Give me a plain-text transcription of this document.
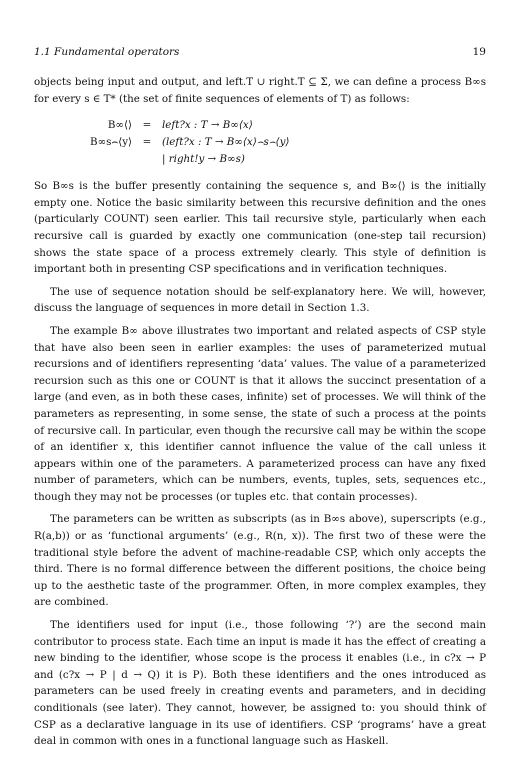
1.1 Fundamental operators	19

objects being input and output, and left.T ∪ right.T ⊆ Σ, we can define a process B∞s for every s ∈ T* (the set of finite sequences of elements of T) as follows:

B∞⟨⟩	=	left?x : T → B∞⟨x⟩
B∞s⌢⟨y⟩	=	(left?x : T → B∞⟨x⟩⌢s⌢⟨y⟩
| right!y → B∞s)

So B∞s is the buffer presently containing the sequence s, and B∞⟨⟩ is the initially empty one. Notice the basic similarity between this recursive definition and the ones (particularly COUNT) seen earlier. This tail recursive style, particularly when each recursive call is guarded by exactly one communication (one-step tail recursion) shows the state space of a process extremely clearly. This style of definition is important both in presenting CSP specifications and in verification techniques.

The use of sequence notation should be self-explanatory here. We will, however, discuss the language of sequences in more detail in Section 1.3.

The example B∞ above illustrates two important and related aspects of CSP style that have also been seen in earlier examples: the uses of parameterized mutual recursions and of identifiers representing ‘data’ values. The value of a parameterized recursion such as this one or COUNT is that it allows the succinct presentation of a large (and even, as in both these cases, infinite) set of processes. We will think of the parameters as representing, in some sense, the state of such a process at the points of recursive call. In particular, even though the recursive call may be within the scope of an identifier x, this identifier cannot influence the value of the call unless it appears within one of the parameters. A parameterized process can have any fixed number of parameters, which can be numbers, events, tuples, sets, sequences etc., though they may not be processes (or tuples etc. that contain processes).

The parameters can be written as subscripts (as in B∞s above), superscripts (e.g., R(a,b)) or as ‘functional arguments’ (e.g., R(n, x)). The first two of these were the traditional style before the advent of machine-readable CSP, which only accepts the third. There is no formal difference between the different positions, the choice being up to the aesthetic taste of the programmer. Often, in more complex examples, they are combined.

The identifiers used for input (i.e., those following ‘?’) are the second main contributor to process state. Each time an input is made it has the effect of creating a new binding to the identifier, whose scope is the process it enables (i.e., in c?x → P and (c?x → P | d → Q) it is P). Both these identifiers and the ones introduced as parameters can be used freely in creating events and parameters, and in deciding conditionals (see later). They cannot, however, be assigned to: you should think of CSP as a declarative language in its use of identifiers. CSP ‘programs’ have a great deal in common with ones in a functional language such as Haskell.
